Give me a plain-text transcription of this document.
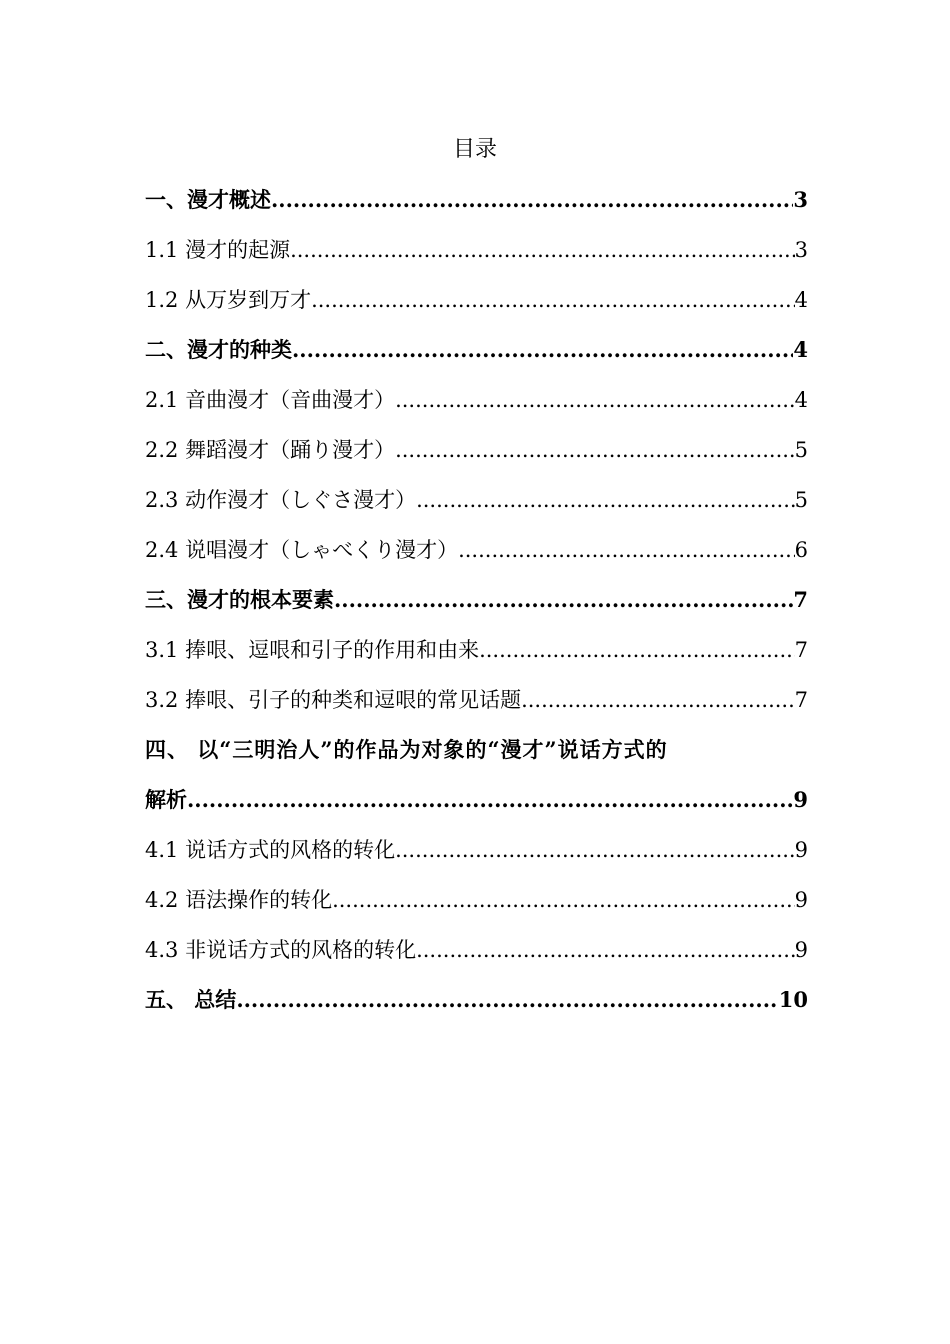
目录
一、漫才概述 .....	3
1.1 漫才的起源 .....	3
1.2 从万岁到万才 .....	4
二、漫才的种类 .....	4
2.1 音曲漫才（音曲漫才） .....	4
2.2 舞蹈漫才（踊り漫才） .....	5
2.3 动作漫才（しぐさ漫才） .....	5
2.4 说唱漫才（しゃべくり漫才） .....	6
三、漫才的根本要素 .....	7
3.1 捧哏、逗哏和引子的作用和由来 .....	7
3.2 捧哏、引子的种类和逗哏的常见话题 .....	7
四、 以“三明治人”的作品为对象的“漫才”说话方式的
解析 .....	9
4.1 说话方式的风格的转化 .....	9
4.2 语法操作的转化 .....	9
4.3 非说话方式的风格的转化 .....	9
五、 总结 .....	10
